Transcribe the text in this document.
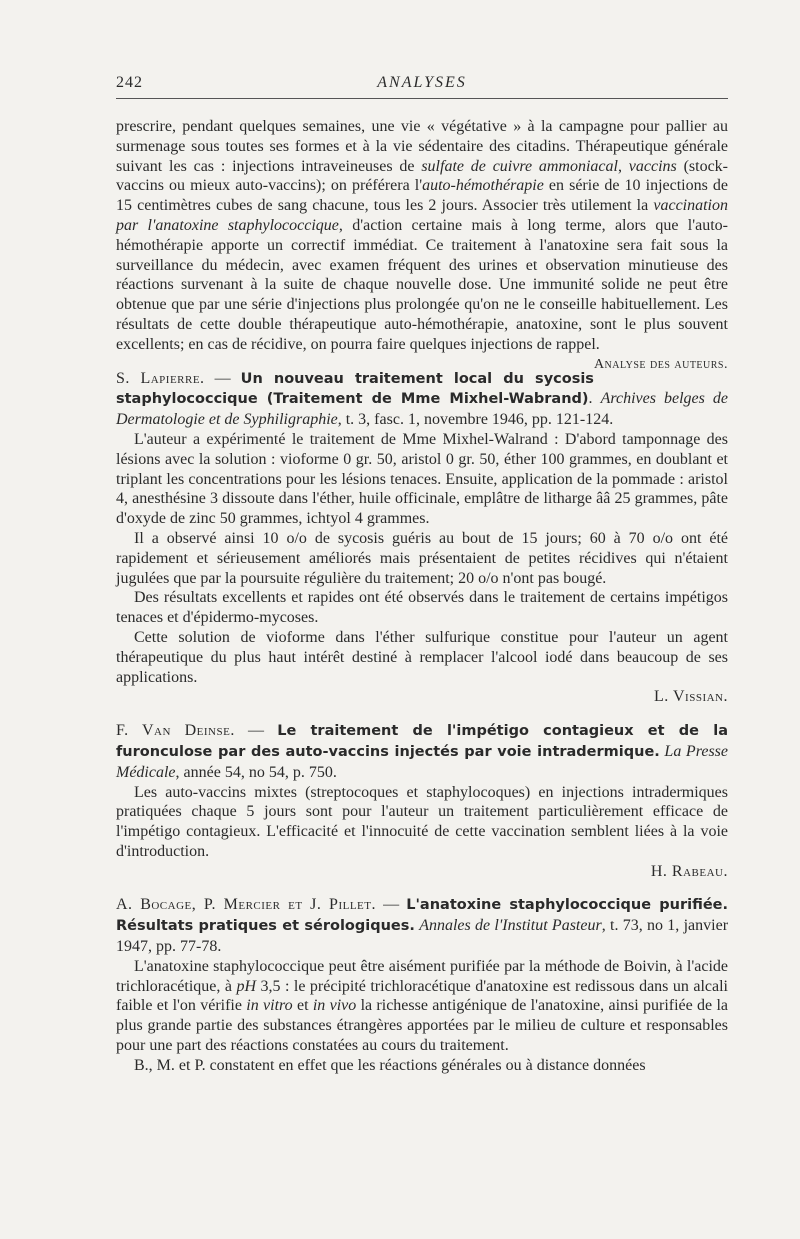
242	ANALYSES

prescrire, pendant quelques semaines, une vie « végétative » à la campagne pour pallier au surmenage sous toutes ses formes et à la vie sédentaire des citadins. Thérapeutique générale suivant les cas : injections intraveineuses de sulfate de cuivre ammoniacal, vaccins (stock-vaccins ou mieux auto-vaccins); on préférera l'auto-hémothérapie en série de 10 injections de 15 centimètres cubes de sang chacune, tous les 2 jours. Associer très utilement la vaccination par l'anatoxine staphylococcique, d'action certaine mais à long terme, alors que l'auto-hémothérapie apporte un correctif immédiat. Ce traitement à l'anatoxine sera fait sous la surveillance du médecin, avec examen fréquent des urines et observation minutieuse des réactions survenant à la suite de chaque nouvelle dose. Une immunité solide ne peut être obtenue que par une série d'injections plus prolongée qu'on ne le conseille habituellement. Les résultats de cette double thérapeutique auto-hémothérapie, anatoxine, sont le plus souvent excellents; en cas de récidive, on pourra faire quelques injections de rappel.
Analyse des auteurs.

S. Lapierre. — Un nouveau traitement local du sycosis staphylococcique (Traitement de Mme Mixhel-Wabrand). Archives belges de Dermatologie et de Syphiligraphie, t. 3, fasc. 1, novembre 1946, pp. 121-124.

L'auteur a expérimenté le traitement de Mme Mixhel-Walrand : D'abord tamponnage des lésions avec la solution : vioforme 0 gr. 50, aristol 0 gr. 50, éther 100 grammes, en doublant et triplant les concentrations pour les lésions tenaces. Ensuite, application de la pommade : aristol 4, anesthésine 3 dissoute dans l'éther, huile officinale, emplâtre de litharge ââ 25 grammes, pâte d'oxyde de zinc 50 grammes, ichtyol 4 grammes.

Il a observé ainsi 10 o/o de sycosis guéris au bout de 15 jours; 60 à 70 o/o ont été rapidement et sérieusement améliorés mais présentaient de petites récidives qui n'étaient jugulées que par la poursuite régulière du traitement; 20 o/o n'ont pas bougé.

Des résultats excellents et rapides ont été observés dans le traitement de certains impétigos tenaces et d'épidermo-mycoses.

Cette solution de vioforme dans l'éther sulfurique constitue pour l'auteur un agent thérapeutique du plus haut intérêt destiné à remplacer l'alcool iodé dans beaucoup de ses applications.

L. Vissian.

F. Van Deinse. — Le traitement de l'impétigo contagieux et de la furonculose par des auto-vaccins injectés par voie intradermique. La Presse Médicale, année 54, no 54, p. 750.

Les auto-vaccins mixtes (streptocoques et staphylocoques) en injections intradermiques pratiquées chaque 5 jours sont pour l'auteur un traitement particulièrement efficace de l'impétigo contagieux. L'efficacité et l'innocuité de cette vaccination semblent liées à la voie d'introduction.

H. Rabeau.

A. Bocage, P. Mercier et J. Pillet. — L'anatoxine staphylococcique purifiée. Résultats pratiques et sérologiques. Annales de l'Institut Pasteur, t. 73, no 1, janvier 1947, pp. 77-78.

L'anatoxine staphylococcique peut être aisément purifiée par la méthode de Boivin, à l'acide trichloracétique, à pH 3,5 : le précipité trichloracétique d'anatoxine est redissous dans un alcali faible et l'on vérifie in vitro et in vivo la richesse antigénique de l'anatoxine, ainsi purifiée de la plus grande partie des substances étrangères apportées par le milieu de culture et responsables pour une part des réactions constatées au cours du traitement.

B., M. et P. constatent en effet que les réactions générales ou à distance données
